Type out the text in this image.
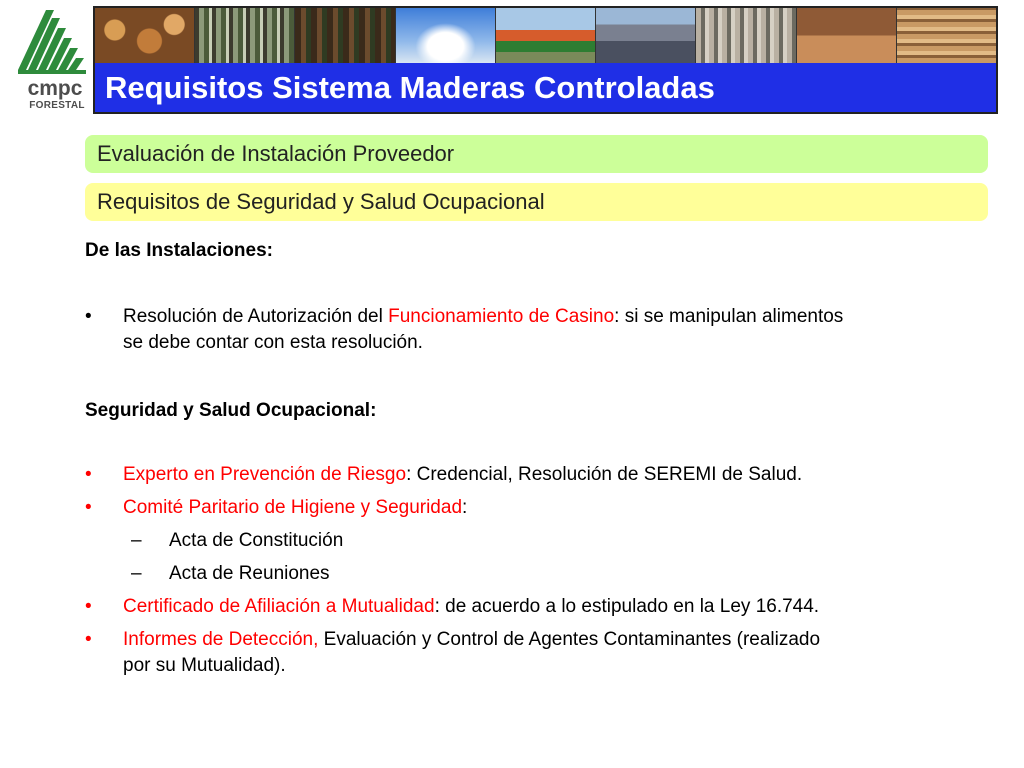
cmpc
FORESTAL
Requisitos Sistema Maderas Controladas
Evaluación de Instalación Proveedor
Requisitos de Seguridad y Salud Ocupacional
De las Instalaciones:
•	Resolución de Autorización del Funcionamiento de Casino: si se manipulan alimentos
se debe contar con esta resolución.
Seguridad y Salud Ocupacional:
•	Experto en Prevención de Riesgo: Credencial, Resolución de SEREMI de Salud.
•	Comité Paritario de Higiene y Seguridad:
–	Acta de Constitución
–	Acta de Reuniones
•	Certificado de Afiliación a Mutualidad: de acuerdo a lo estipulado en la Ley 16.744.
•	Informes de Detección, Evaluación y Control de Agentes Contaminantes (realizado
por su Mutualidad).
